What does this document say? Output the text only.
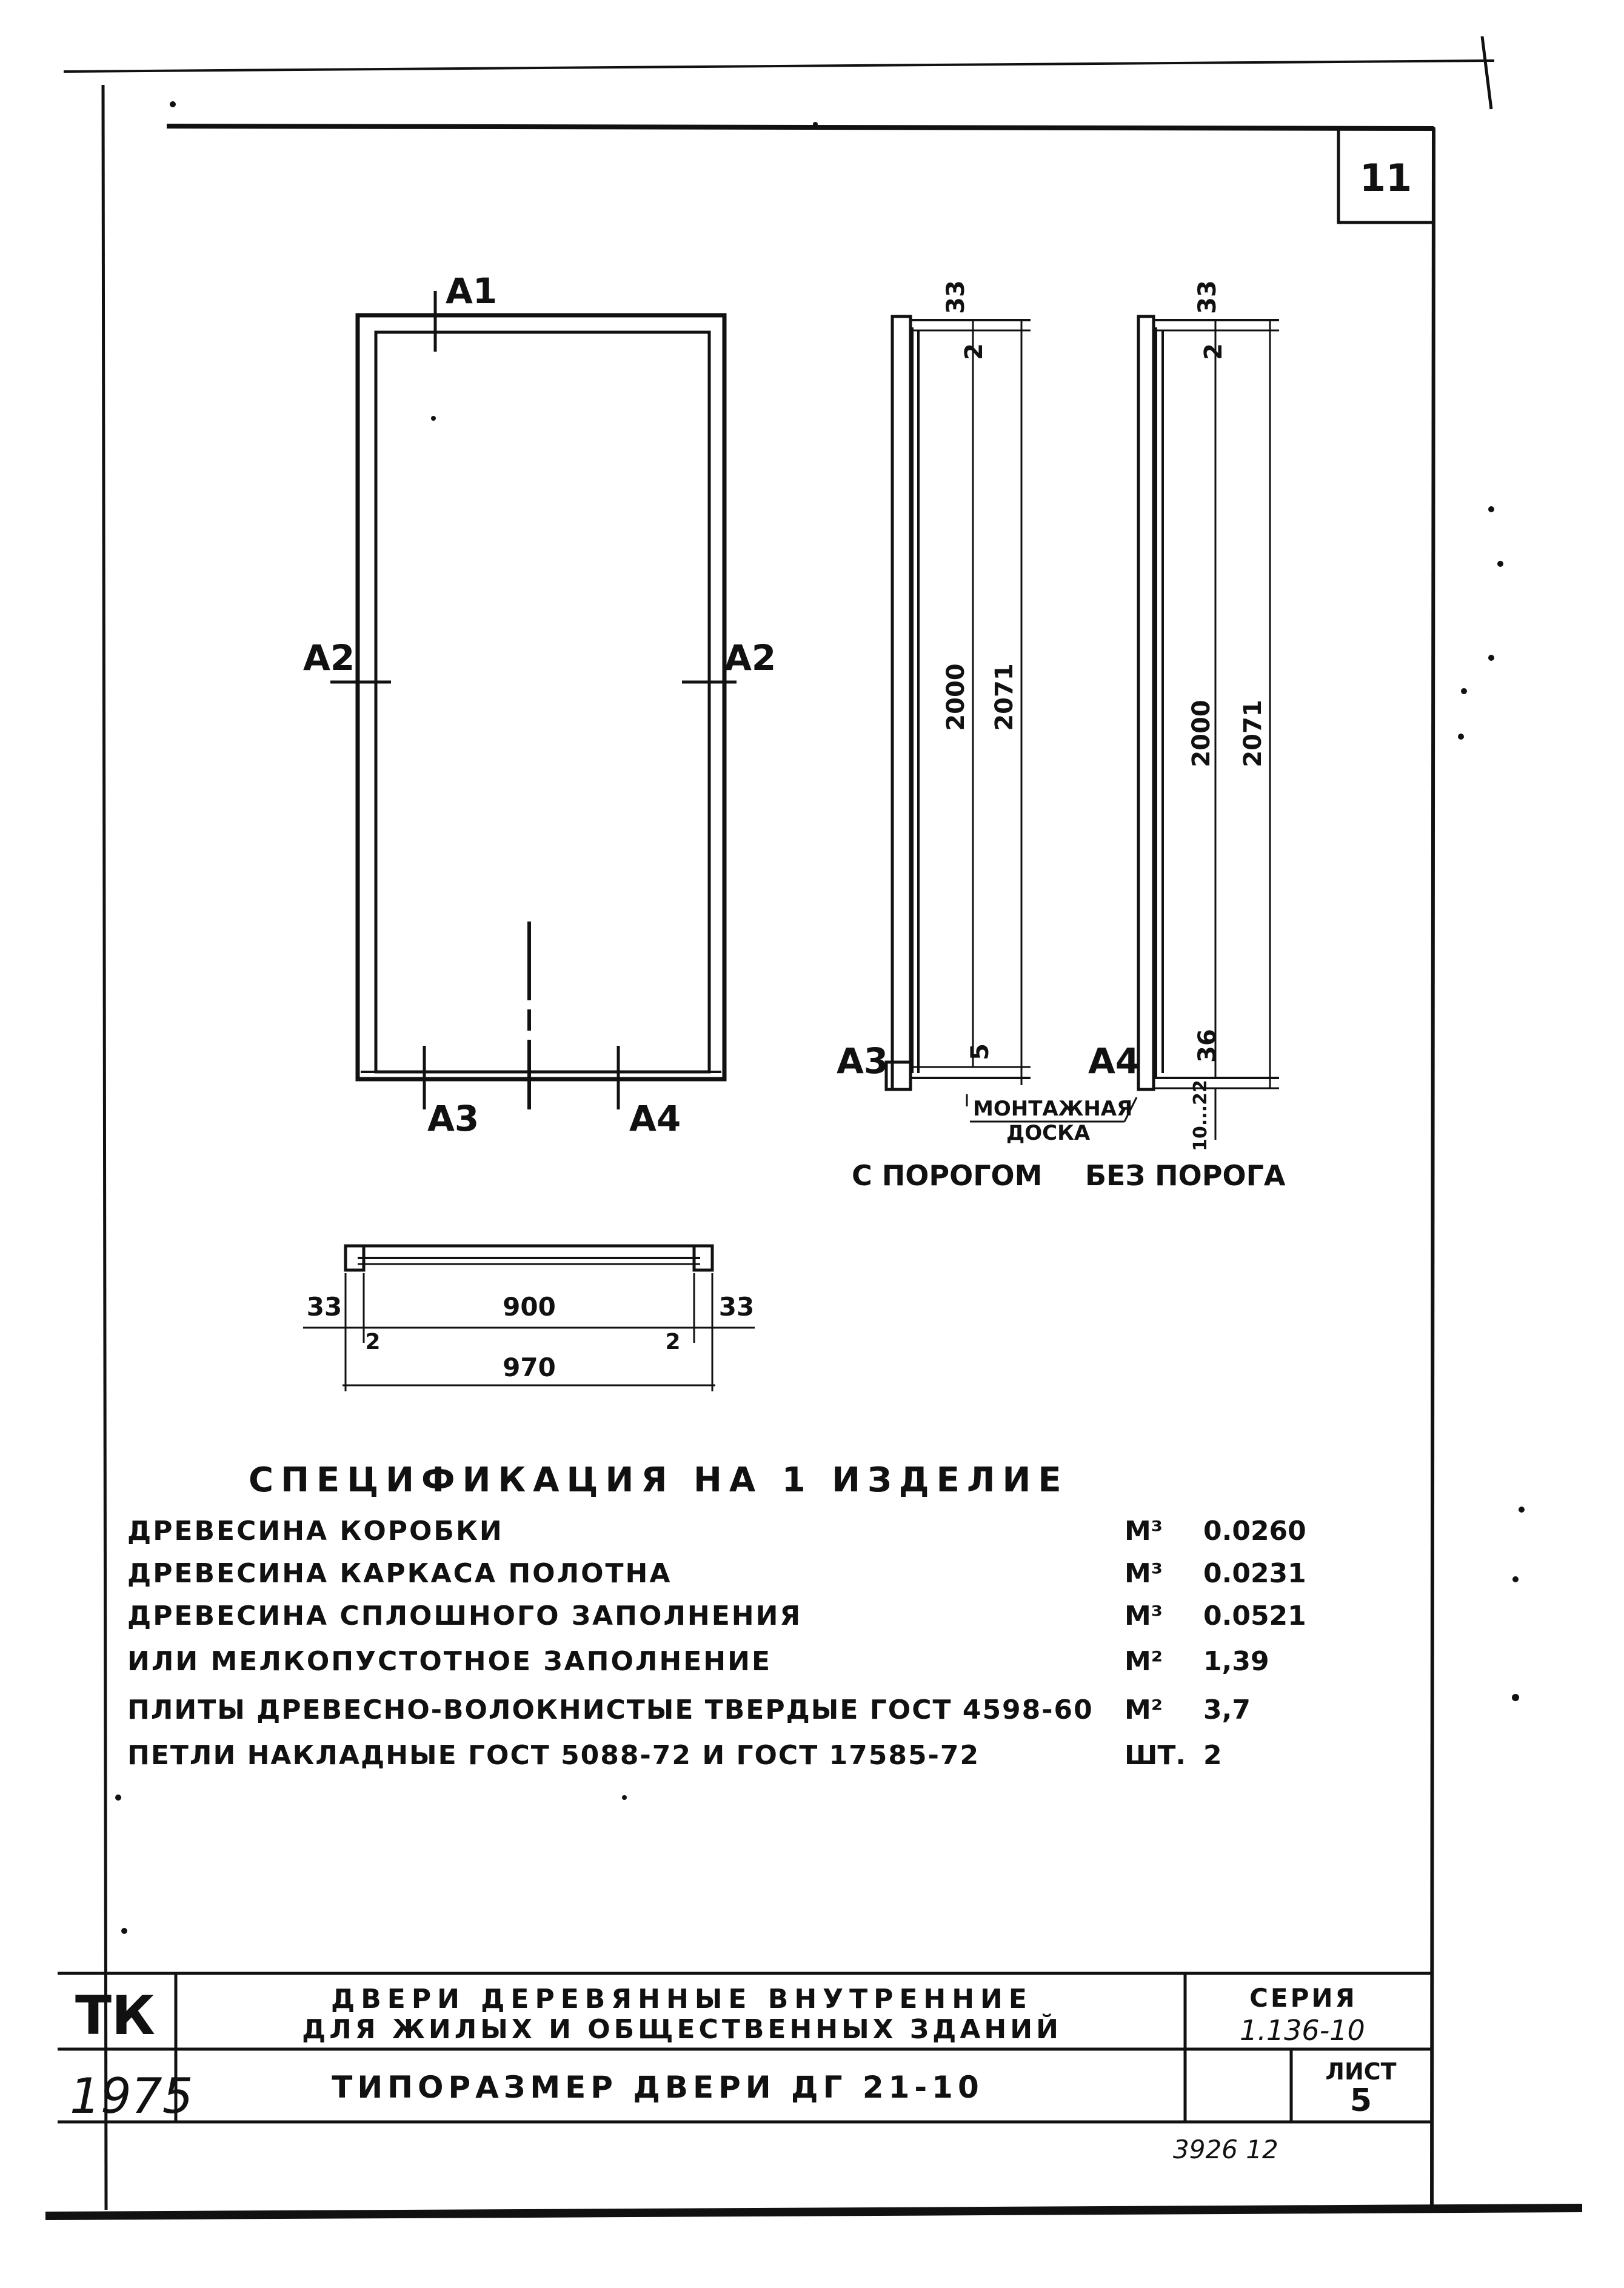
11
А1
А2	А2
А3	А4
33
2
2000 2071
5
А3
МОНТАЖНАЯ
ДОСКА
С ПОРОГОМ
33
2
2000 2071
36
10...22
А4
БЕЗ ПОРОГА
33	900	33
2	2
970
СПЕЦИФИКАЦИЯ НА 1 ИЗДЕЛИЕ
ДРЕВЕСИНА КОРОБКИ	М³ 0.0260
ДРЕВЕСИНА КАРКАСА ПОЛОТНА	М³ 0.0231
ДРЕВЕСИНА СПЛОШНОГО ЗАПОЛНЕНИЯ	М³ 0.0521
ИЛИ МЕЛКОПУСТОТНОЕ ЗАПОЛНЕНИЕ	М² 1,39
ПЛИТЫ ДРЕВЕСНО-ВОЛОКНИСТЫЕ ТВЕРДЫЕ ГОСТ 4598-60 М² 3,7
ПЕТЛИ НАКЛАДНЫЕ ГОСТ 5088-72 И ГОСТ 17585-72	ШТ. 2
ТК
1975
ДВЕРИ ДЕРЕВЯННЫЕ ВНУТРЕННИЕ
ДЛЯ ЖИЛЫХ И ОБЩЕСТВЕННЫХ ЗДАНИЙ
СЕРИЯ
1.136-10
ТИПОРАЗМЕР ДВЕРИ ДГ 21-10	ЛИСТ
5
3926 12
